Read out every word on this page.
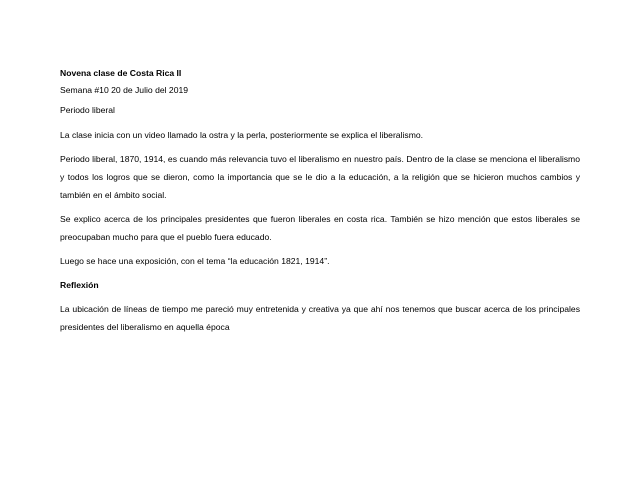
Novena clase de Costa Rica II
Semana #10 20 de Julio del 2019
Periodo liberal

La clase inicia con un video llamado la ostra y la perla, posteriormente se explica el liberalismo.

Periodo liberal, 1870, 1914, es cuando más relevancia tuvo el liberalismo en nuestro país. Dentro de la clase se menciona el liberalismo y todos los logros que se dieron, como la importancia que se le dio a la educación, a la religión que se hicieron muchos cambios y también en el ámbito social.

Se explico acerca de los principales presidentes que fueron liberales en costa rica. También se hizo mención que estos liberales se preocupaban mucho para que el pueblo fuera educado.

Luego se hace una exposición, con el tema “la educación 1821, 1914”.

Reflexión

La ubicación de líneas de tiempo me pareció muy entretenida y creativa ya que ahí nos tenemos que buscar acerca de los principales presidentes del liberalismo en aquella época
